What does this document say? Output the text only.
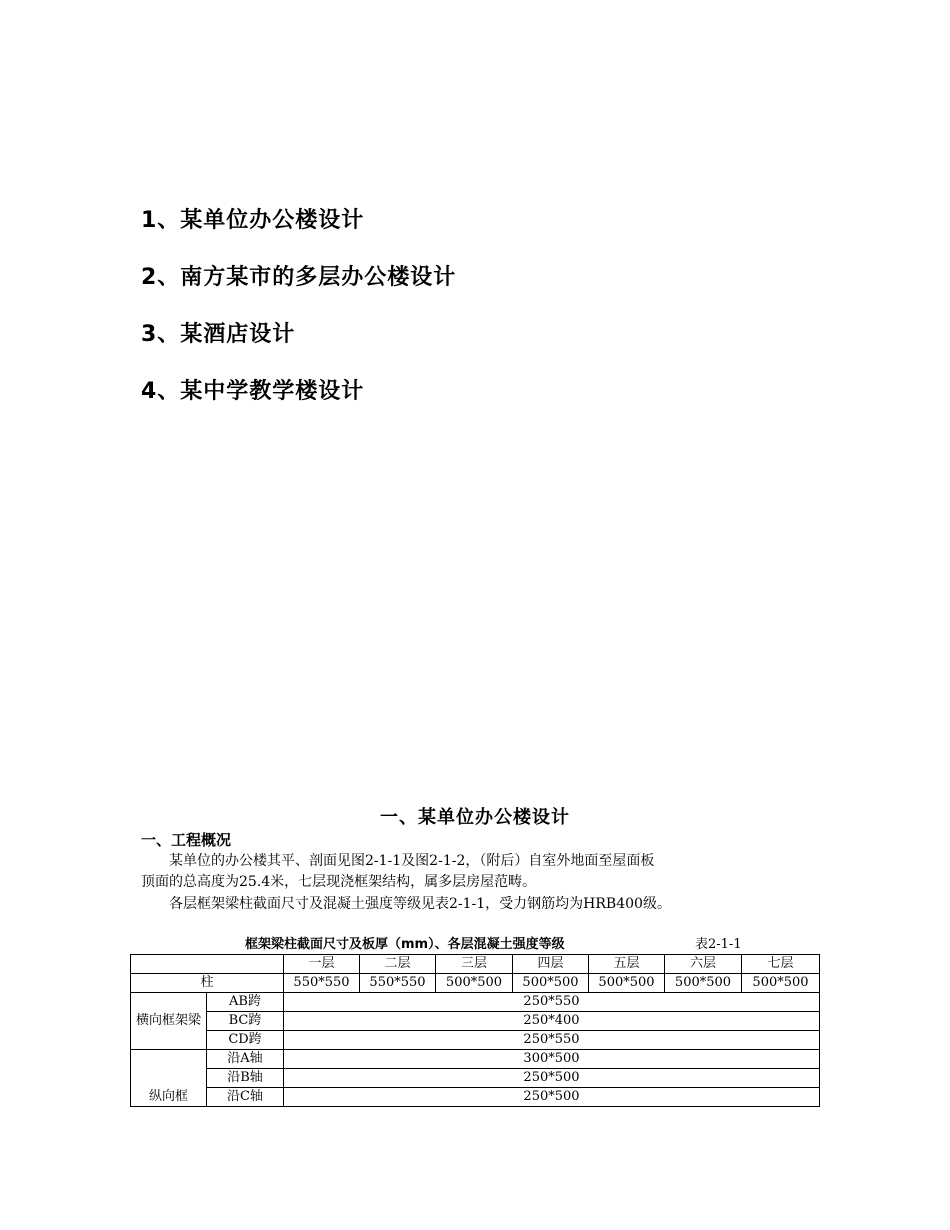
1、某单位办公楼设计
2、南方某市的多层办公楼设计
3、某酒店设计
4、某中学教学楼设计
一、某单位办公楼设计
一、工程概况
　　某单位的办公楼其平、剖面见图2-1-1及图2-1-2，（附后）自室外地面至屋面板
顶面的总高度为25.4米，七层现浇框架结构，属多层房屋范畴。
　　各层框架梁柱截面尺寸及混凝土强度等级见表2-1-1，受力钢筋均为HRB400级。
框架梁柱截面尺寸及板厚（mm）、各层混凝土强度等级	表2-1-1
		一层	二层	三层	四层	五层	六层	七层
柱		550*550	550*550	500*500	500*500	500*500	500*500	500*500
横向框架梁	AB跨	250*550						
	BC跨	250*400						
	CD跨	250*550						
纵向框	沿A轴	300*500						
	沿B轴	250*500						
	沿C轴	250*500						
